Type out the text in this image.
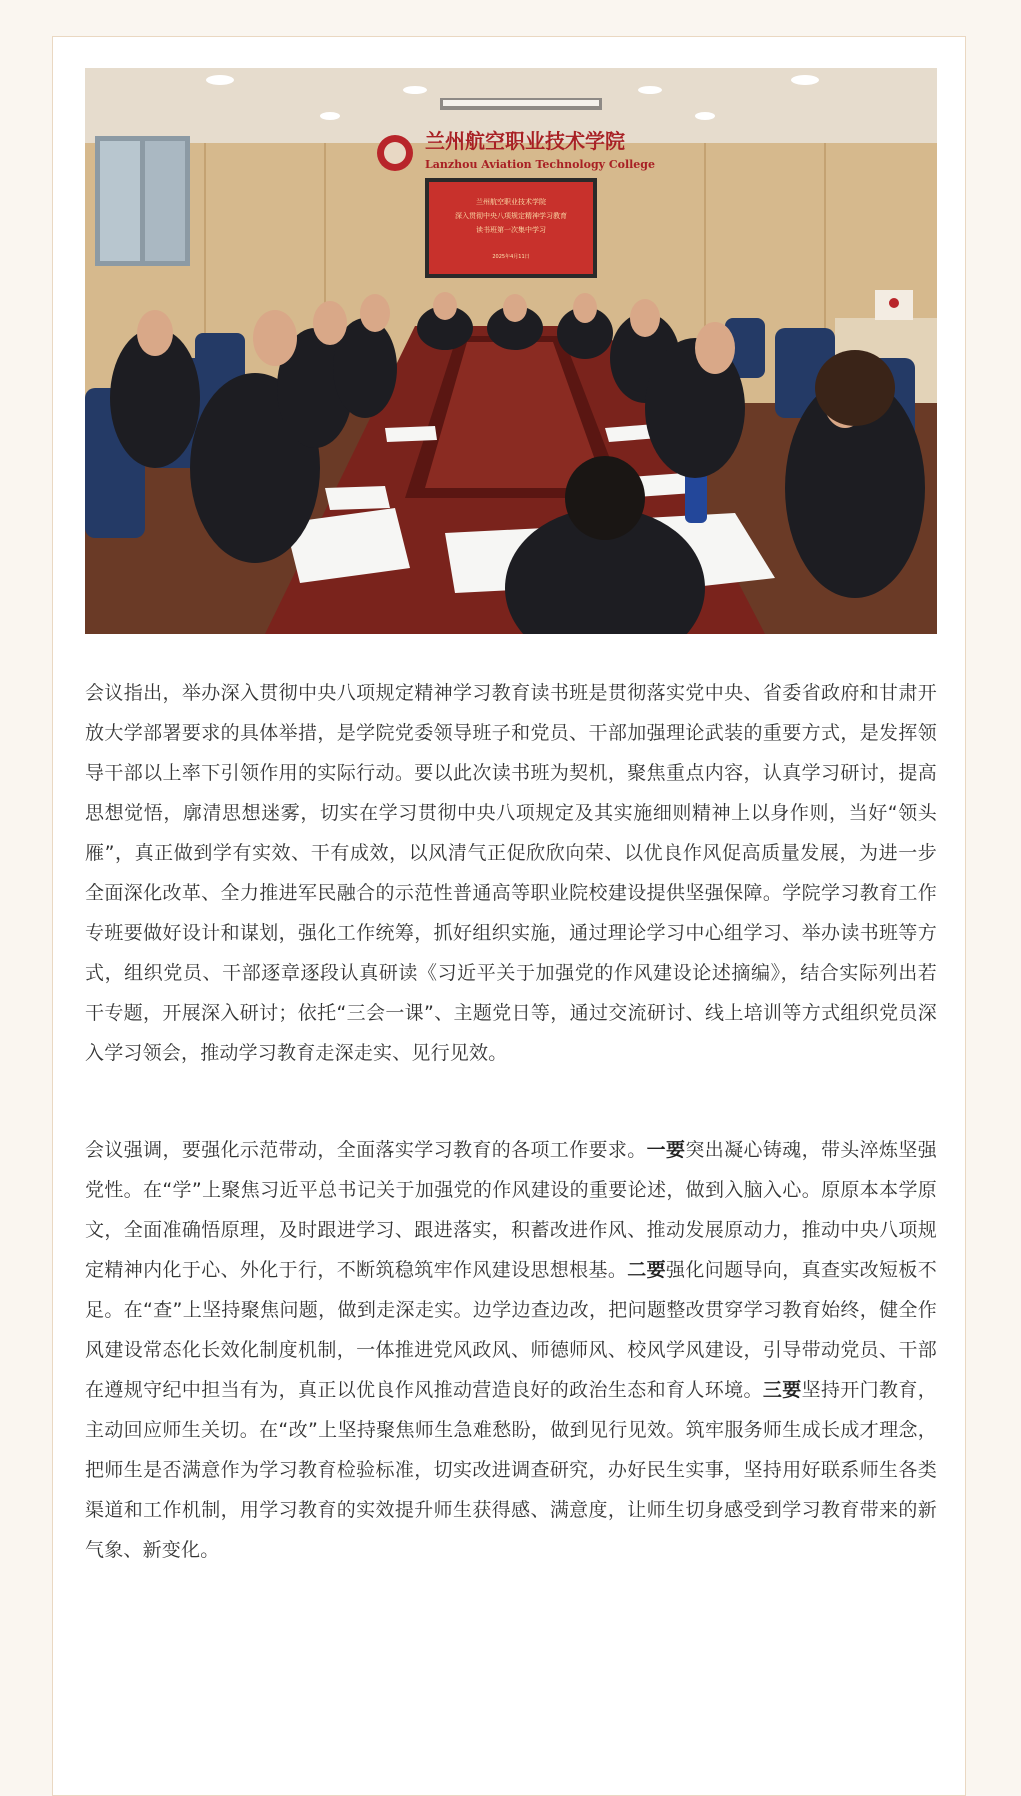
兰州航空职业技术学院
Lanzhou Aviation Technology College
兰州航空职业技术学院
深入贯彻中央八项规定精神学习教育
读书班第一次集中学习
2025年4月11日

会议指出，举办深入贯彻中央八项规定精神学习教育读书班是贯彻落实党中央、省委省政府和甘肃开放大学部署要求的具体举措，是学院党委领导班子和党员、干部加强理论武装的重要方式，是发挥领导干部以上率下引领作用的实际行动。要以此次读书班为契机，聚焦重点内容，认真学习研讨，提高思想觉悟，廓清思想迷雾，切实在学习贯彻中央八项规定及其实施细则精神上以身作则，当好“领头雁”，真正做到学有实效、干有成效，以风清气正促欣欣向荣、以优良作风促高质量发展，为进一步全面深化改革、全力推进军民融合的示范性普通高等职业院校建设提供坚强保障。学院学习教育工作专班要做好设计和谋划，强化工作统筹，抓好组织实施，通过理论学习中心组学习、举办读书班等方式，组织党员、干部逐章逐段认真研读《习近平关于加强党的作风建设论述摘编》，结合实际列出若干专题，开展深入研讨；依托“三会一课”、主题党日等，通过交流研讨、线上培训等方式组织党员深入学习领会，推动学习教育走深走实、见行见效。

会议强调，要强化示范带动，全面落实学习教育的各项工作要求。一要突出凝心铸魂，带头淬炼坚强党性。在“学”上聚焦习近平总书记关于加强党的作风建设的重要论述，做到入脑入心。原原本本学原文，全面准确悟原理，及时跟进学习、跟进落实，积蓄改进作风、推动发展原动力，推动中央八项规定精神内化于心、外化于行，不断筑稳筑牢作风建设思想根基。二要强化问题导向，真查实改短板不足。在“查”上坚持聚焦问题，做到走深走实。边学边查边改，把问题整改贯穿学习教育始终，健全作风建设常态化长效化制度机制，一体推进党风政风、师德师风、校风学风建设，引导带动党员、干部在遵规守纪中担当有为，真正以优良作风推动营造良好的政治生态和育人环境。三要坚持开门教育，主动回应师生关切。在“改”上坚持聚焦师生急难愁盼，做到见行见效。筑牢服务师生成长成才理念，把师生是否满意作为学习教育检验标准，切实改进调查研究，办好民生实事，坚持用好联系师生各类渠道和工作机制，用学习教育的实效提升师生获得感、满意度，让师生切身感受到学习教育带来的新气象、新变化。
